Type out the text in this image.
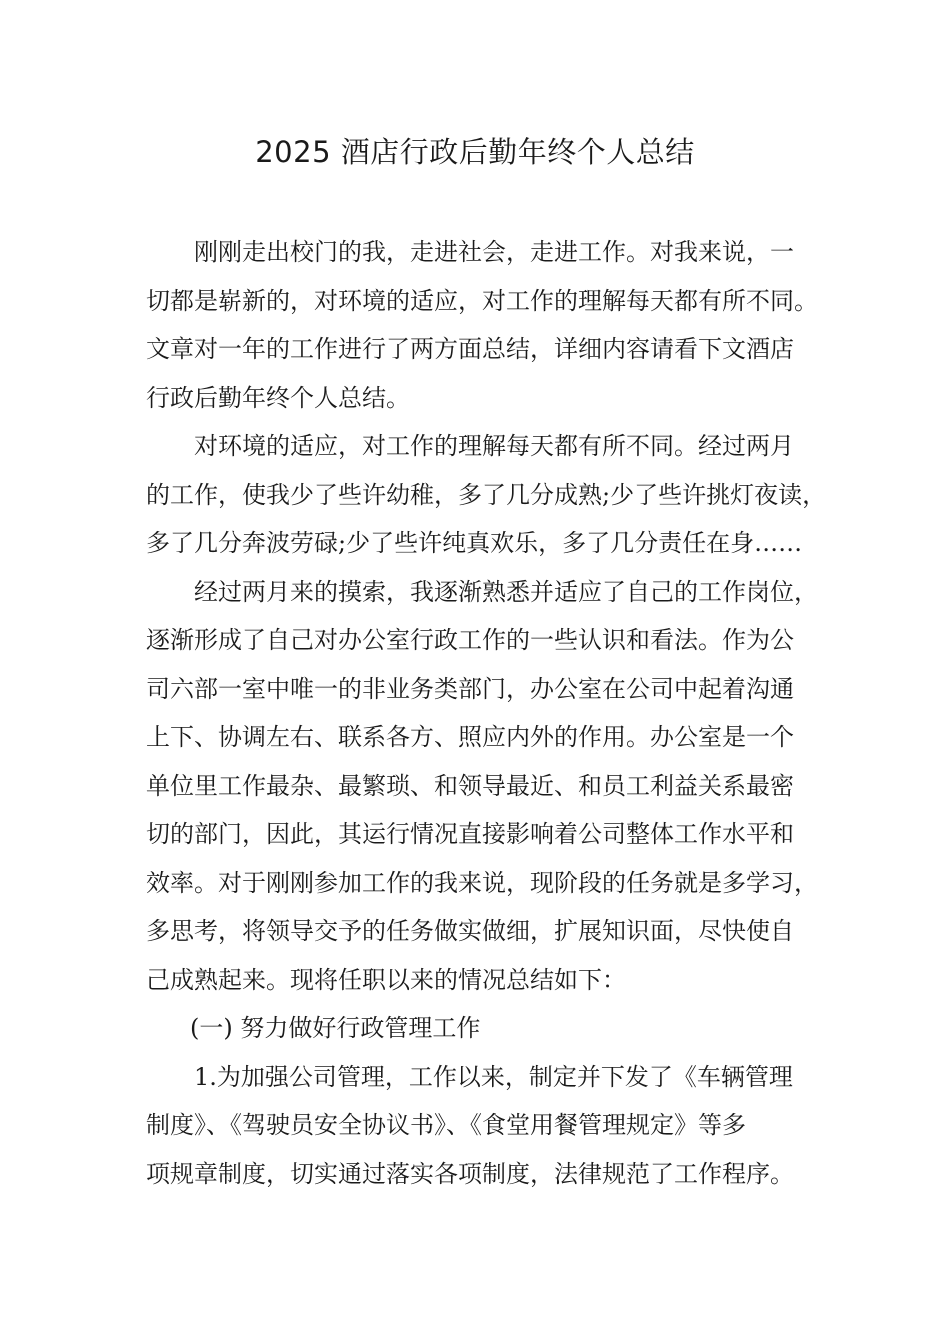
2025 酒店行政后勤年终个人总结
刚刚走出校门的我，走进社会，走进工作。对我来说，一
切都是崭新的，对环境的适应，对工作的理解每天都有所不同。
文章对一年的工作进行了两方面总结，详细内容请看下文酒店
行政后勤年终个人总结。
对环境的适应，对工作的理解每天都有所不同。经过两月
的工作，使我少了些许幼稚，多了几分成熟;少了些许挑灯夜读，
多了几分奔波劳碌;少了些许纯真欢乐，多了几分责任在身……
经过两月来的摸索，我逐渐熟悉并适应了自己的工作岗位，
逐渐形成了自己对办公室行政工作的一些认识和看法。作为公
司六部一室中唯一的非业务类部门，办公室在公司中起着沟通
上下、协调左右、联系各方、照应内外的作用。办公室是一个
单位里工作最杂、最繁琐、和领导最近、和员工利益关系最密
切的部门，因此，其运行情况直接影响着公司整体工作水平和
效率。对于刚刚参加工作的我来说，现阶段的任务就是多学习，
多思考，将领导交予的任务做实做细，扩展知识面，尽快使自
己成熟起来。现将任职以来的情况总结如下：
(一) 努力做好行政管理工作
1.为加强公司管理，工作以来，制定并下发了《车辆管理
制度》、《驾驶员安全协议书》、《食堂用餐管理规定》等多
项规章制度，切实通过落实各项制度，法律规范了工作程序。
